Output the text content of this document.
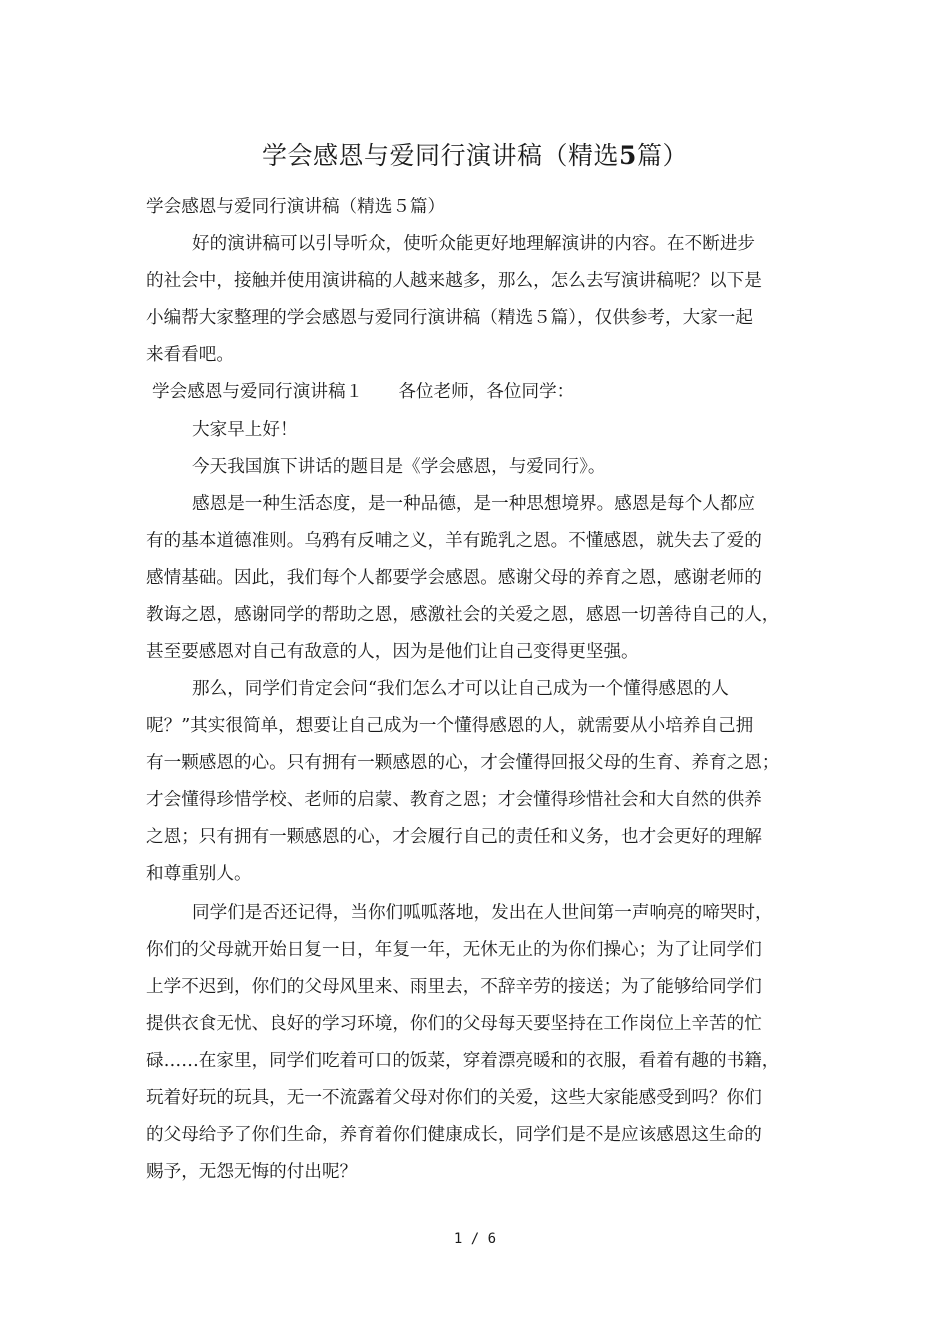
学会感恩与爱同行演讲稿（精选5篇）
学会感恩与爱同行演讲稿（精选５篇）
好的演讲稿可以引导听众，使听众能更好地理解演讲的内容。在不断进步
的社会中，接触并使用演讲稿的人越来越多，那么，怎么去写演讲稿呢？以下是
小编帮大家整理的学会感恩与爱同行演讲稿（精选５篇），仅供参考，大家一起
来看看吧。
学会感恩与爱同行演讲稿１　　各位老师，各位同学：
大家早上好！
今天我国旗下讲话的题目是《学会感恩，与爱同行》。
感恩是一种生活态度，是一种品德，是一种思想境界。感恩是每个人都应
有的基本道德准则。乌鸦有反哺之义，羊有跪乳之恩。不懂感恩，就失去了爱的
感情基础。因此，我们每个人都要学会感恩。感谢父母的养育之恩，感谢老师的
教诲之恩，感谢同学的帮助之恩，感激社会的关爱之恩，感恩一切善待自己的人，
甚至要感恩对自己有敌意的人，因为是他们让自己变得更坚强。
那么，同学们肯定会问“我们怎么才可以让自己成为一个懂得感恩的人
呢？”其实很简单，想要让自己成为一个懂得感恩的人，就需要从小培养自己拥
有一颗感恩的心。只有拥有一颗感恩的心，才会懂得回报父母的生育、养育之恩；
才会懂得珍惜学校、老师的启蒙、教育之恩；才会懂得珍惜社会和大自然的供养
之恩；只有拥有一颗感恩的心，才会履行自己的责任和义务，也才会更好的理解
和尊重别人。
同学们是否还记得，当你们呱呱落地，发出在人世间第一声响亮的啼哭时，
你们的父母就开始日复一日，年复一年，无休无止的为你们操心；为了让同学们
上学不迟到，你们的父母风里来、雨里去，不辞辛劳的接送；为了能够给同学们
提供衣食无忧、良好的学习环境，你们的父母每天要坚持在工作岗位上辛苦的忙
碌……在家里，同学们吃着可口的饭菜，穿着漂亮暖和的衣服，看着有趣的书籍，
玩着好玩的玩具，无一不流露着父母对你们的关爱，这些大家能感受到吗？你们
的父母给予了你们生命，养育着你们健康成长，同学们是不是应该感恩这生命的
赐予，无怨无悔的付出呢？
1 / 6
